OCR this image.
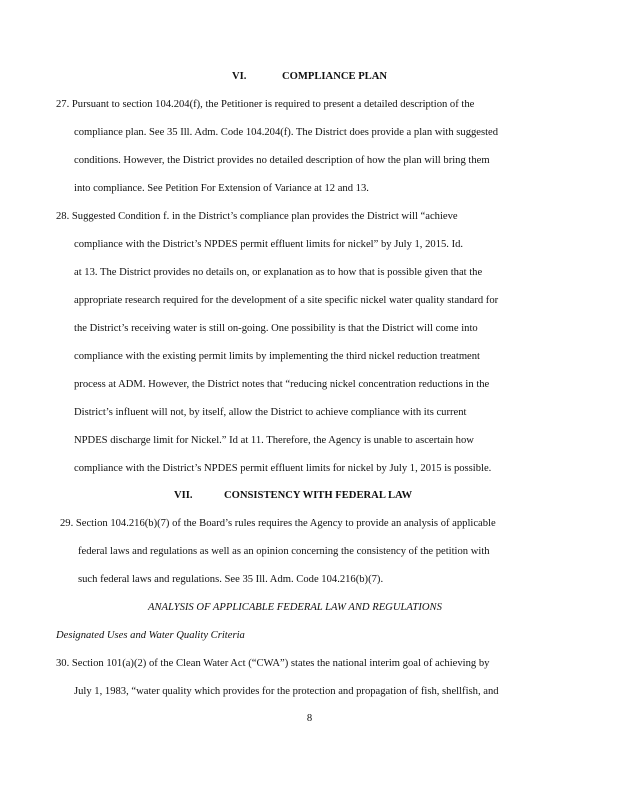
VI.	COMPLIANCE PLAN
27. Pursuant to section 104.204(f), the Petitioner is required to present a detailed description of the
compliance plan. See 35 Ill. Adm. Code 104.204(f). The District does provide a plan with suggested
conditions. However, the District provides no detailed description of how the plan will bring them
into compliance. See Petition For Extension of Variance at 12 and 13.
28. Suggested Condition f. in the District’s compliance plan provides the District will “achieve
compliance with the District’s NPDES permit effluent limits for nickel” by July 1, 2015. Id.
at 13. The District provides no details on, or explanation as to how that is possible given that the
appropriate research required for the development of a site specific nickel water quality standard for
the District’s receiving water is still on-going. One possibility is that the District will come into
compliance with the existing permit limits by implementing the third nickel reduction treatment
process at ADM. However, the District notes that “reducing nickel concentration reductions in the
District’s influent will not, by itself, allow the District to achieve compliance with its current
NPDES discharge limit for Nickel.” Id at 11. Therefore, the Agency is unable to ascertain how
compliance with the District’s NPDES permit effluent limits for nickel by July 1, 2015 is possible.
VII.	CONSISTENCY WITH FEDERAL LAW
29. Section 104.216(b)(7) of the Board’s rules requires the Agency to provide an analysis of applicable
federal laws and regulations as well as an opinion concerning the consistency of the petition with
such federal laws and regulations. See 35 Ill. Adm. Code 104.216(b)(7).
ANALYSIS OF APPLICABLE FEDERAL LAW AND REGULATIONS
Designated Uses and Water Quality Criteria
30. Section 101(a)(2) of the Clean Water Act (“CWA”) states the national interim goal of achieving by
July 1, 1983, “water quality which provides for the protection and propagation of fish, shellfish, and
8
